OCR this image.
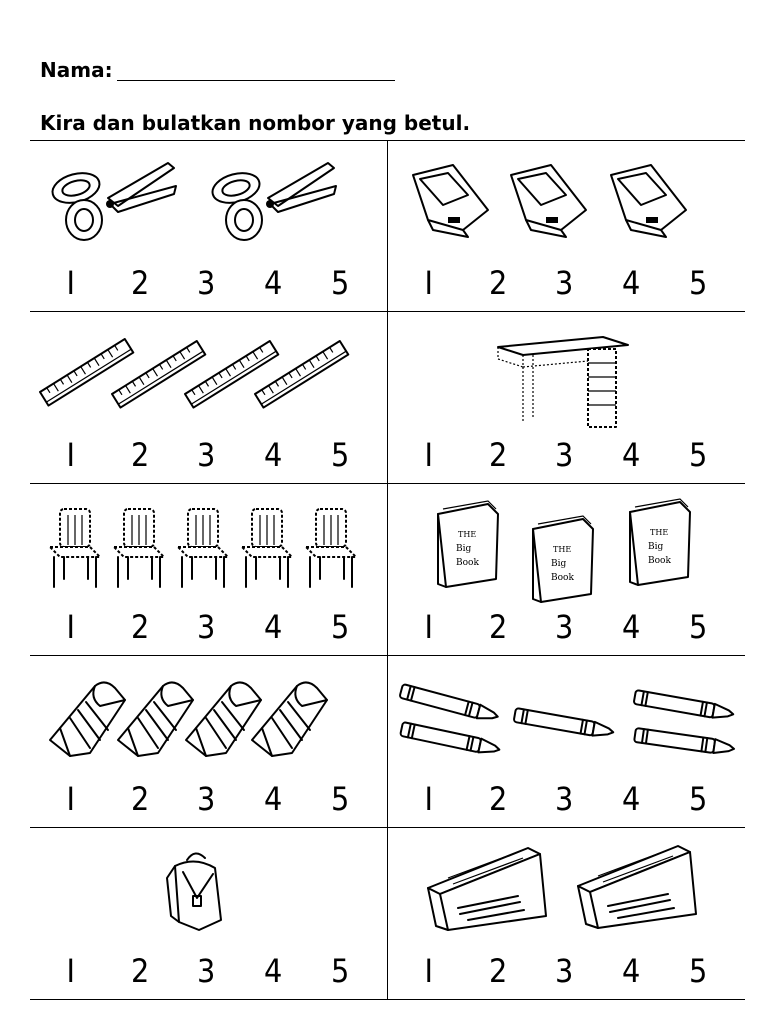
Nama:
Kira dan bulatkan nombor yang betul.
I 2 3 4 5 I 2 3 4 5
I 2 3 4 5 I 2 3 4 5
I 2 3 4 5
THE
Big
Book
THE
Big
Book
THE
Big
Book
I 2 3 4 5
I 2 3 4 5 I 2 3 4 5
I 2 3 4 5 I 2 3 4 5
